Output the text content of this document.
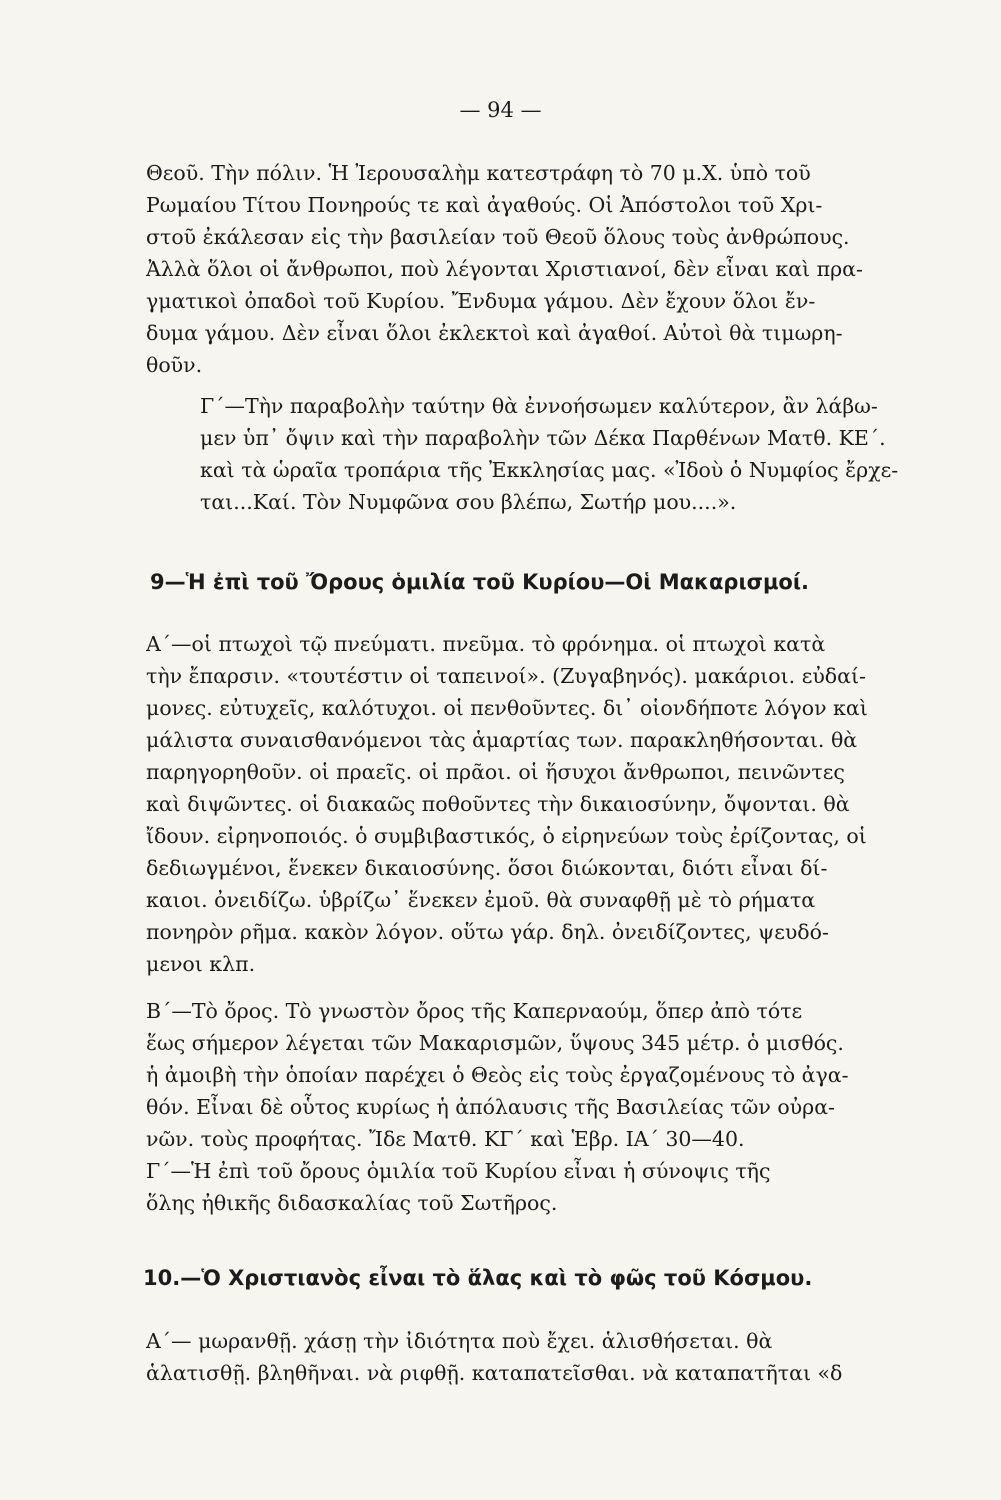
— 94 —
Θεοῦ. Τὴν πόλιν. Ἡ Ἰερουσαλὴμ κατεστράφη τὸ 70 μ.Χ. ὑπὸ τοῦ
Ρωμαίου Τίτου Πονηρούς τε καὶ ἀγαθούς. Οἱ Ἀπόστολοι τοῦ Χρι-
στοῦ ἐκάλεσαν εἰς τὴν βασιλείαν τοῦ Θεοῦ ὅλους τοὺς ἀνθρώπους.
Ἀλλὰ ὅλοι οἱ ἄνθρωποι, ποὺ λέγονται Χριστιανοί, δὲν εἶναι καὶ πρα-
γματικοὶ ὀπαδοὶ τοῦ Κυρίου. Ἔνδυμα γάμου. Δὲν ἔχουν ὅλοι ἔν-
δυμα γάμου. Δὲν εἶναι ὅλοι ἐκλεκτοὶ καὶ ἀγαθοί. Αὐτοὶ θὰ τιμωρη-
θοῦν.
Γ´—Τὴν παραβολὴν ταύτην θὰ ἐννοήσωμεν καλύτερον, ἂν λάβω-
μεν ὑπ᾿ ὄψιν καὶ τὴν παραβολὴν τῶν Δέκα Παρθένων Ματθ. ΚΕ´.
καὶ τὰ ὡραῖα τροπάρια τῆς Ἐκκλησίας μας. «Ἰδοὺ ὁ Νυμφίος ἔρχε-
ται...Καί. Τὸν Νυμφῶνα σου βλέπω, Σωτήρ μου....».
9—Ἡ ἐπὶ τοῦ Ὄρους ὁμιλία τοῦ Κυρίου—Οἱ Μακαρισμοί.
Α´—οἱ πτωχοὶ τῷ πνεύματι. πνεῦμα. τὸ φρόνημα. οἱ πτωχοὶ κατὰ
τὴν ἔπαρσιν. «τουτέστιν οἱ ταπεινοί». (Ζυγαβηνός). μακάριοι. εὐδαί-
μονες. εὐτυχεῖς, καλότυχοι. οἱ πενθοῦντες. δι᾿ οἱονδήποτε λόγον καὶ
μάλιστα συναισθανόμενοι τὰς ἁμαρτίας των. παρακληθήσονται. θὰ
παρηγορηθοῦν. οἱ πραεῖς. οἱ πρᾶοι. οἱ ἥσυχοι ἄνθρωποι, πεινῶντες
καὶ διψῶντες. οἱ διακαῶς ποθοῦντες τὴν δικαιοσύνην, ὄψονται. θὰ
ἴδουν. εἰρηνοποιός. ὁ συμβιβαστικός, ὁ εἰρηνεύων τοὺς ἐρίζοντας, οἱ
δεδιωγμένοι, ἕνεκεν δικαιοσύνης. ὅσοι διώκονται, διότι εἶναι δί-
καιοι. ὀνειδίζω. ὑβρίζω᾿ ἕνεκεν ἐμοῦ. θὰ συναφθῇ μὲ τὸ ρήματα
πονηρὸν ρῆμα. κακὸν λόγον. οὕτω γάρ. δηλ. ὀνειδίζοντες, ψευδό-
μενοι κλπ.
Β´—Τὸ ὄρος. Τὸ γνωστὸν ὄρος τῆς Καπερναούμ, ὅπερ ἀπὸ τότε
ἕως σήμερον λέγεται τῶν Μακαρισμῶν, ὕψους 345 μέτρ. ὁ μισθός.
ἡ ἀμοιβὴ τὴν ὁποίαν παρέχει ὁ Θεὸς εἰς τοὺς ἐργαζομένους τὸ ἀγα-
θόν. Εἶναι δὲ οὗτος κυρίως ἡ ἀπόλαυσις τῆς Βασιλείας τῶν οὐρα-
νῶν. τοὺς προφήτας. Ἴδε Ματθ. ΚΓ´ καὶ Ἑβρ. ΙΑ´ 30—40.
Γ´—Ἡ ἐπὶ τοῦ ὄρους ὁμιλία τοῦ Κυρίου εἶναι ἡ σύνοψις τῆς
ὅλης ἠθικῆς διδασκαλίας τοῦ Σωτῆρος.
10.—Ὁ Χριστιανὸς εἶναι τὸ ἅλας καὶ τὸ φῶς τοῦ Κόσμου.
Α´— μωρανθῇ. χάσῃ τὴν ἰδιότητα ποὺ ἔχει. ἁλισθήσεται. θὰ
ἁλατισθῇ. βληθῆναι. νὰ ριφθῇ. καταπατεῖσθαι. νὰ καταπατῆται «δ
